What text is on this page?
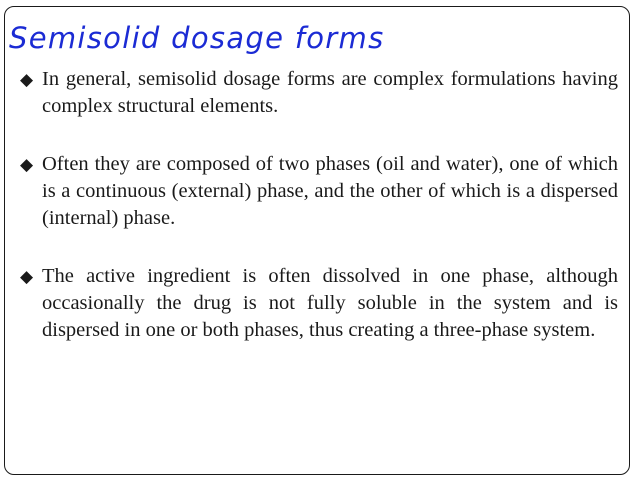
Semisolid dosage forms
◆ In general, semisolid dosage forms are complex formulations having complex structural elements.
◆ Often they are composed of two phases (oil and water), one of which is a continuous (external) phase, and the other of which is a dispersed (internal) phase.
◆ The active ingredient is often dissolved in one phase, although occasionally the drug is not fully soluble in the system and is dispersed in one or both phases, thus creating a three-phase system.
